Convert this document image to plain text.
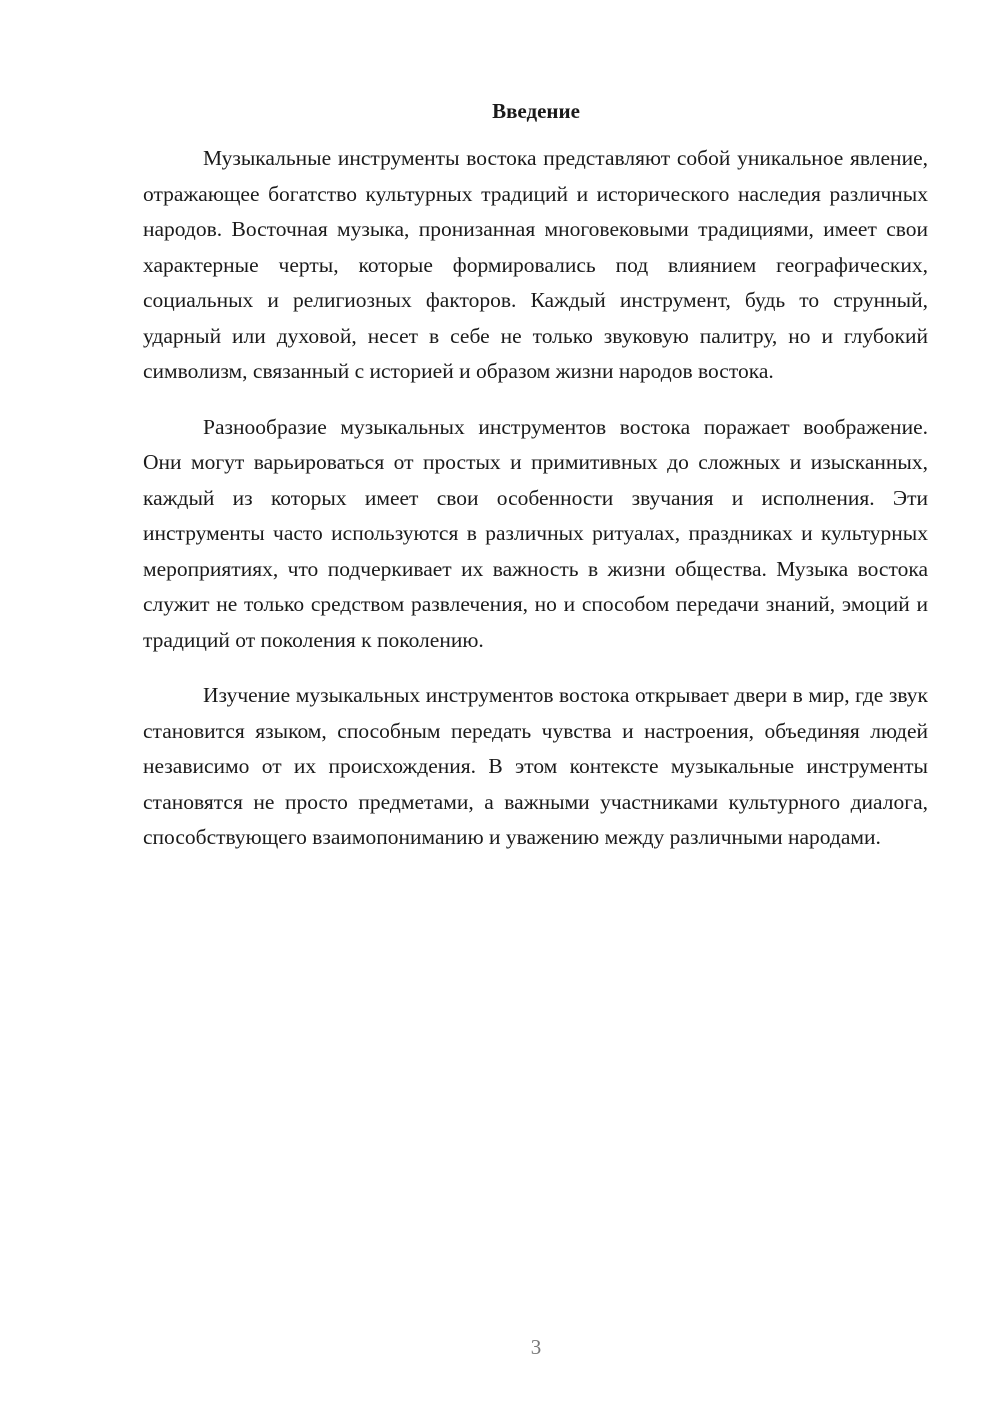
Введение

Музыкальные инструменты востока представляют собой уникальное явление, отражающее богатство культурных традиций и исторического наследия различных народов. Восточная музыка, пронизанная многовековыми традициями, имеет свои характерные черты, которые формировались под влиянием географических, социальных и религиозных факторов. Каждый инструмент, будь то струнный, ударный или духовой, несет в себе не только звуковую палитру, но и глубокий символизм, связанный с историей и образом жизни народов востока.

Разнообразие музыкальных инструментов востока поражает воображение. Они могут варьироваться от простых и примитивных до сложных и изысканных, каждый из которых имеет свои особенности звучания и исполнения. Эти инструменты часто используются в различных ритуалах, праздниках и культурных мероприятиях, что подчеркивает их важность в жизни общества. Музыка востока служит не только средством развлечения, но и способом передачи знаний, эмоций и традиций от поколения к поколению.

Изучение музыкальных инструментов востока открывает двери в мир, где звук становится языком, способным передать чувства и настроения, объединяя людей независимо от их происхождения. В этом контексте музыкальные инструменты становятся не просто предметами, а важными участниками культурного диалога, способствующего взаимопониманию и уважению между различными народами.

3
